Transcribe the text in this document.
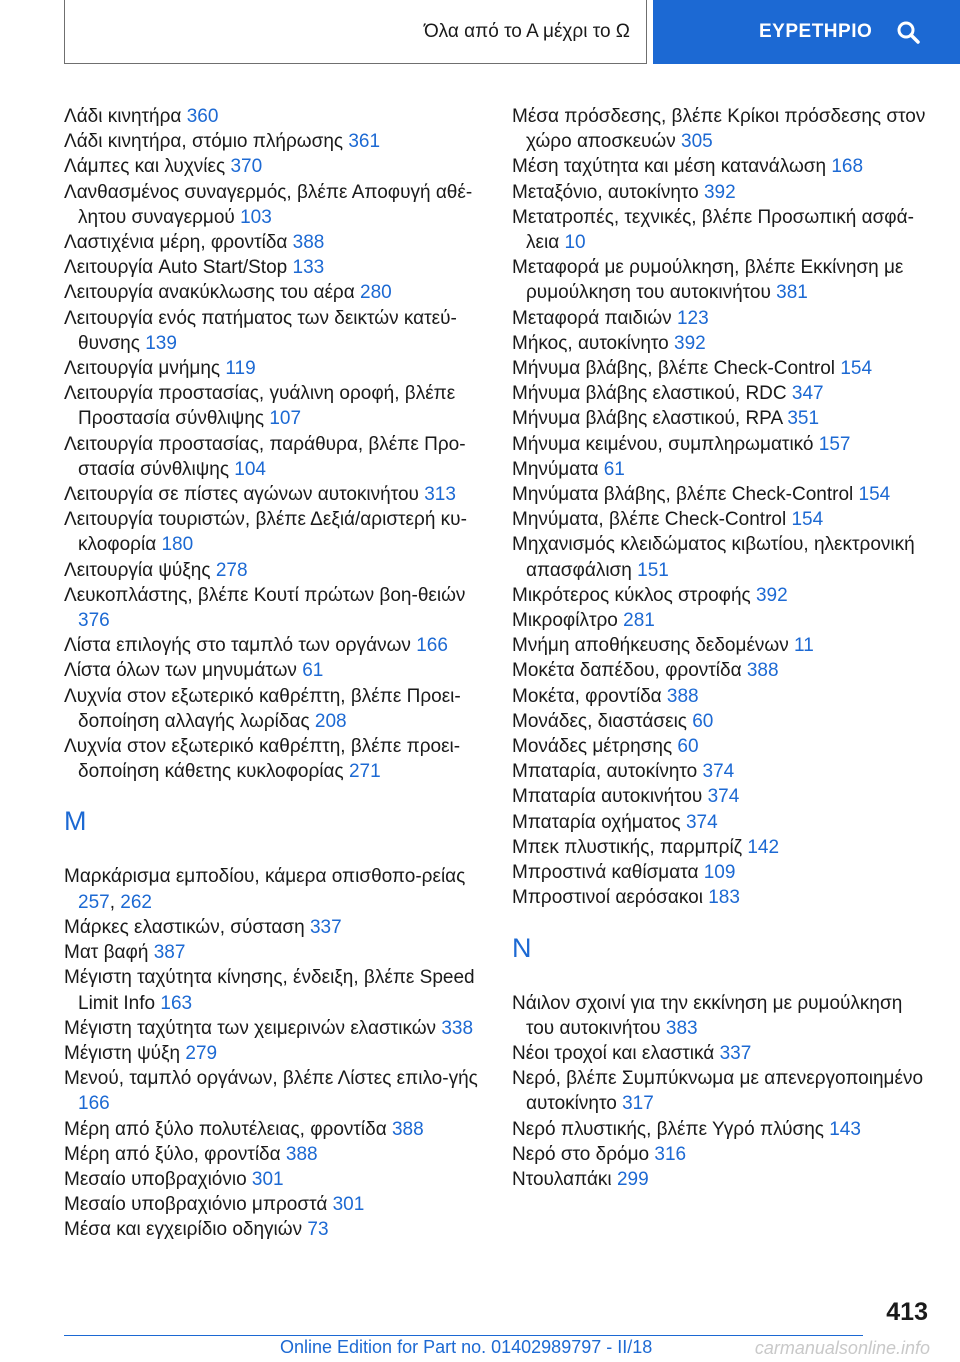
Όλα από το Α μέχρι το Ω	ΕΥΡΕΤΗΡΙΟ
Λάδι κινητήρα 360
Λάδι κινητήρα, στόμιο πλήρωσης 361
Λάμπες και λυχνίες 370
Λανθασμένος συναγερμός, βλέπε Αποφυγή αθέ-λητου συναγερμού 103
Λαστιχένια μέρη, φροντίδα 388
Λειτουργία Auto Start/Stop 133
Λειτουργία ανακύκλωσης του αέρα 280
Λειτουργία ενός πατήματος των δεικτών κατεύ-θυνσης 139
Λειτουργία μνήμης 119
Λειτουργία προστασίας, γυάλινη οροφή, βλέπε Προστασία σύνθλιψης 107
Λειτουργία προστασίας, παράθυρα, βλέπε Προ-στασία σύνθλιψης 104
Λειτουργία σε πίστες αγώνων αυτοκινήτου 313
Λειτουργία τουριστών, βλέπε Δεξιά/αριστερή κυ-κλοφορία 180
Λειτουργία ψύξης 278
Λευκοπλάστης, βλέπε Κουτί πρώτων βοη-θειών 376
Λίστα επιλογής στο ταμπλό των οργάνων 166
Λίστα όλων των μηνυμάτων 61
Λυχνία στον εξωτερικό καθρέπτη, βλέπε Προει-δοποίηση αλλαγής λωρίδας 208
Λυχνία στον εξωτερικό καθρέπτη, βλέπε προει-δοποίηση κάθετης κυκλοφορίας 271
M
Μαρκάρισμα εμποδίου, κάμερα οπισθοπο-ρείας 257, 262
Μάρκες ελαστικών, σύσταση 337
Ματ βαφή 387
Μέγιστη ταχύτητα κίνησης, ένδειξη, βλέπε Speed Limit Info 163
Μέγιστη ταχύτητα των χειμερινών ελαστικών 338
Μέγιστη ψύξη 279
Μενού, ταμπλό οργάνων, βλέπε Λίστες επιλο-γής 166
Μέρη από ξύλο πολυτέλειας, φροντίδα 388
Μέρη από ξύλο, φροντίδα 388
Μεσαίο υποβραχιόνιο 301
Μεσαίο υποβραχιόνιο μπροστά 301
Μέσα και εγχειρίδιο οδηγιών 73
Μέσα πρόσδεσης, βλέπε Κρίκοι πρόσδεσης στον χώρο αποσκευών 305
Μέση ταχύτητα και μέση κατανάλωση 168
Μεταξόνιο, αυτοκίνητο 392
Μετατροπές, τεχνικές, βλέπε Προσωπική ασφά-λεια 10
Μεταφορά με ρυμούλκηση, βλέπε Εκκίνηση με ρυμούλκηση του αυτοκινήτου 381
Μεταφορά παιδιών 123
Μήκος, αυτοκίνητο 392
Μήνυμα βλάβης, βλέπε Check-Control 154
Μήνυμα βλάβης ελαστικού, RDC 347
Μήνυμα βλάβης ελαστικού, RPA 351
Μήνυμα κειμένου, συμπληρωματικό 157
Μηνύματα 61
Μηνύματα βλάβης, βλέπε Check-Control 154
Μηνύματα, βλέπε Check-Control 154
Μηχανισμός κλειδώματος κιβωτίου, ηλεκτρονική απασφάλιση 151
Μικρότερος κύκλος στροφής 392
Μικροφίλτρο 281
Μνήμη αποθήκευσης δεδομένων 11
Μοκέτα δαπέδου, φροντίδα 388
Μοκέτα, φροντίδα 388
Μονάδες, διαστάσεις 60
Μονάδες μέτρησης 60
Μπαταρία, αυτοκίνητο 374
Μπαταρία αυτοκινήτου 374
Μπαταρία οχήματος 374
Μπεκ πλυστικής, παρμπρίζ 142
Μπροστινά καθίσματα 109
Μπροστινοί αερόσακοι 183
N
Νάιλον σχοινί για την εκκίνηση με ρυμούλκηση του αυτοκινήτου 383
Νέοι τροχοί και ελαστικά 337
Νερό, βλέπε Συμπύκνωμα με απενεργοποιημένο αυτοκίνητο 317
Νερό πλυστικής, βλέπε Υγρό πλύσης 143
Νερό στο δρόμο 316
Ντουλαπάκι 299
413
Online Edition for Part no. 01402989797 - II/18	carmanualsonline.info
